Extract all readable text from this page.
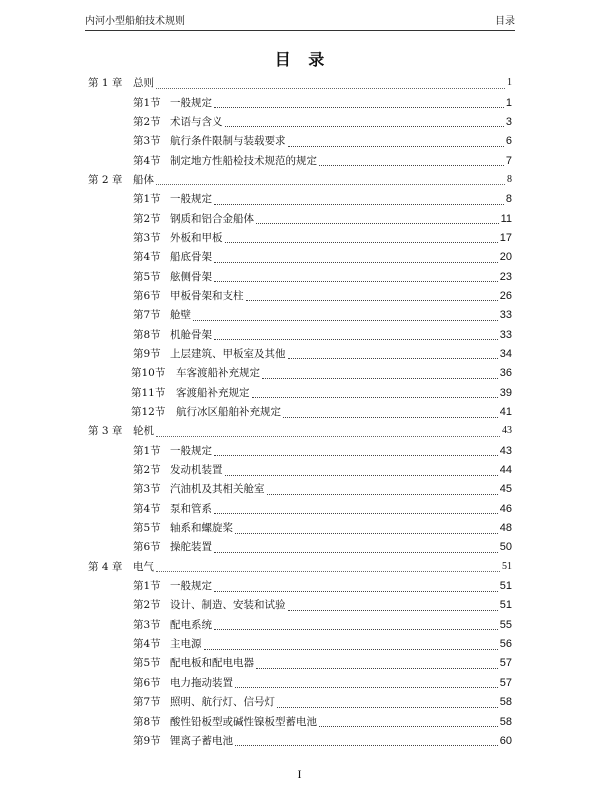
内河小型船舶技术规则	目录
目 录
第 1 章	总则	1
第1节 一般规定	1
第2节 术语与含义	3
第3节 航行条件限制与装载要求	6
第4节 制定地方性船检技术规范的规定	7
第 2 章	船体	8
第1节 一般规定	8
第2节 钢质和铝合金船体	11
第3节 外板和甲板	17
第4节 船底骨架	20
第5节 舷侧骨架	23
第6节 甲板骨架和支柱	26
第7节 舱壁	33
第8节 机舱骨架	33
第9节 上层建筑、甲板室及其他	34
第10节	车客渡船补充规定	36
第11节	客渡船补充规定	39
第12节	航行冰区船舶补充规定	41
第 3 章	轮机	43
第1节 一般规定	43
第2节 发动机装置	44
第3节 汽油机及其相关舱室	45
第4节 泵和管系	46
第5节 轴系和螺旋桨	48
第6节 操舵装置	50
第 4 章	电气	51
第1节 一般规定	51
第2节 设计、制造、安装和试验	51
第3节 配电系统	55
第4节 主电源	56
第5节 配电板和配电电器	57
第6节 电力拖动装置	57
第7节 照明、航行灯、信号灯	58
第8节 酸性铅板型或碱性镍板型蓄电池	58
第9节 锂离子蓄电池	60
I
